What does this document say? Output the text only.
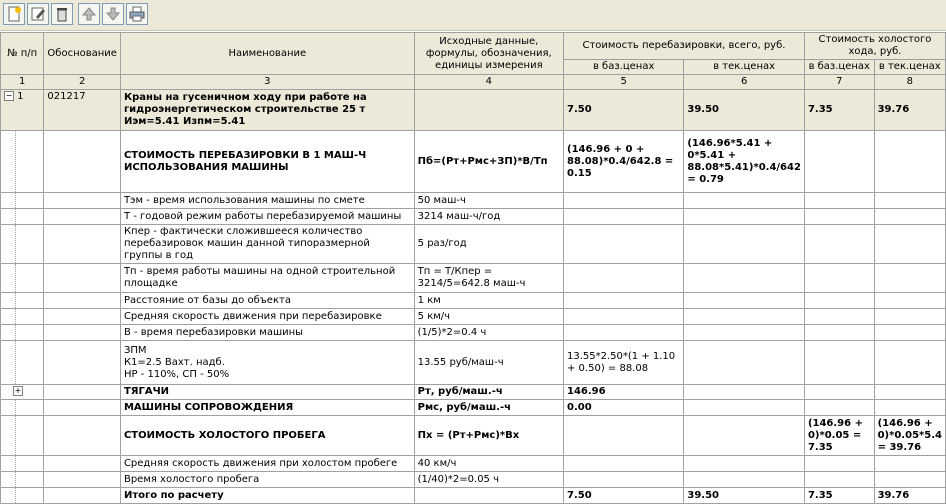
№ п/п	Обоснование	Наименование	Исходные данные, формулы, обозначения, единицы измерения	Стоимость перебазировки, всего, руб.		Стоимость холостого хода, руб.	
				в баз.ценах	в тек.ценах	в баз.ценах	в тек.ценах
1	2	3	4	5	6	7	8
− 1	021217	Краны на гусеничном ходу при работе на гидроэнергетическом строительстве 25 т Иэм=5.41 Изпм=5.41		7.50	39.50	7.35	39.76

		СТОИМОСТЬ ПЕРЕБАЗИРОВКИ В 1 МАШ-Ч ИСПОЛЬЗОВАНИЯ МАШИНЫ	Пб=(Рт+Рмс+ЗП)*В/Тп	(146.96 + 0 + 88.08)*0.4/642.8 = 0.15	(146.96*5.41 + 0*5.41 + 88.08*5.41)*0.4/642 = 0.79		

		Тэм - время использования машины по смете	50 маш-ч				

		Т - годовой режим работы перебазируемой машины	3214 маш-ч/год				

		Кпер - фактически сложившееся количество перебазировок машин данной типоразмерной группы в год	5 раз/год				

		Тп - время работы машины на одной строительной площадке	Тп = Т/Кпер = 3214/5=642.8 маш-ч				

		Расстояние от базы до объекта	1 км				

		Средняя скорость движения при перебазировке	5 км/ч				

		В - время перебазировки машины	(1/5)*2=0.4 ч				

		ЗПМ
К1=2.5 Вахт. надб.
НР - 110%, СП - 50%	13.55 руб/маш-ч	13.55*2.50*(1 + 1.10 + 0.50) = 88.08			
+		ТЯГАЧИ	Рт, руб/маш.-ч	146.96			

		МАШИНЫ СОПРОВОЖДЕНИЯ	Рмс, руб/маш.-ч	0.00			

		СТОИМОСТЬ ХОЛОСТОГО ПРОБЕГА	Пх = (Рт+Рмс)*Вх			(146.96 + 0)*0.05 = 7.35	(146.96 + 0)*0.05*5.4 = 39.76

		Средняя скорость движения при холостом пробеге	40 км/ч				

		Время холостого пробега	(1/40)*2=0.05 ч				

		Итого по расчету		7.50	39.50	7.35	39.76
